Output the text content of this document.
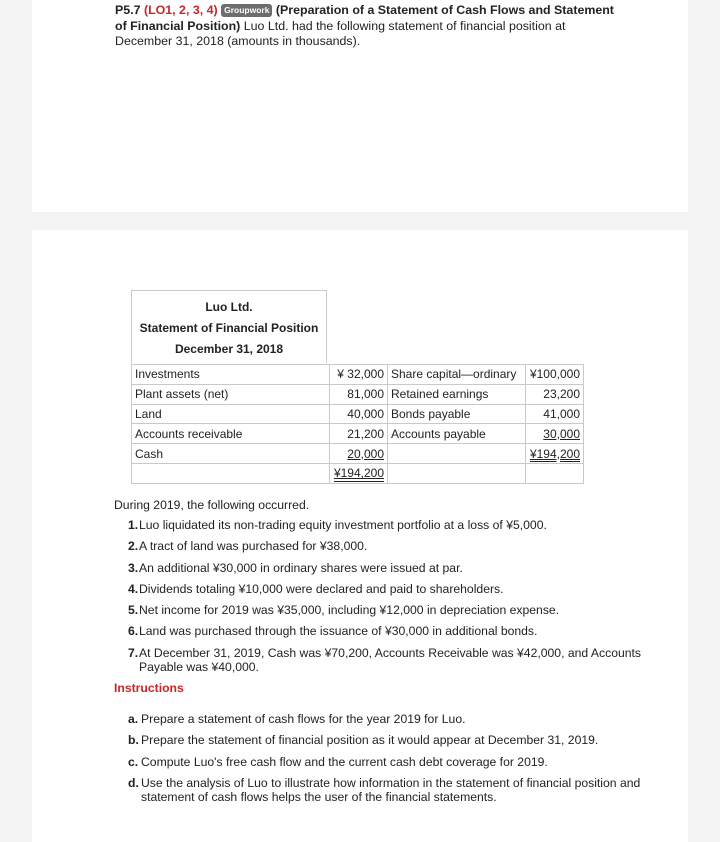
P5.7 (LO1, 2, 3, 4) Groupwork (Preparation of a Statement of Cash Flows and Statement of Financial Position) Luo Ltd. had the following statement of financial position at December 31, 2018 (amounts in thousands).
Luo Ltd.
Statement of Financial Position
December 31, 2018
Investments	¥ 32,000	Share capital—ordinary	¥100,000
Plant assets (net)	81,000	Retained earnings	23,200
Land	40,000	Bonds payable	41,000
Accounts receivable	21,200	Accounts payable	30,000
Cash	20,000		¥194,200
	¥194,200		

During 2019, the following occurred.

1. Luo liquidated its non-trading equity investment portfolio at a loss of ¥5,000.
2. A tract of land was purchased for ¥38,000.
3. An additional ¥30,000 in ordinary shares were issued at par.
4. Dividends totaling ¥10,000 were declared and paid to shareholders.
5. Net income for 2019 was ¥35,000, including ¥12,000 in depreciation expense.
6. Land was purchased through the issuance of ¥30,000 in additional bonds.
7. At December 31, 2019, Cash was ¥70,200, Accounts Receivable was ¥42,000, and Accounts Payable was ¥40,000.
Instructions
a. Prepare a statement of cash flows for the year 2019 for Luo.
b. Prepare the statement of financial position as it would appear at December 31, 2019.
c. Compute Luo's free cash flow and the current cash debt coverage for 2019.
d. Use the analysis of Luo to illustrate how information in the statement of financial position and statement of cash flows helps the user of the financial statements.
